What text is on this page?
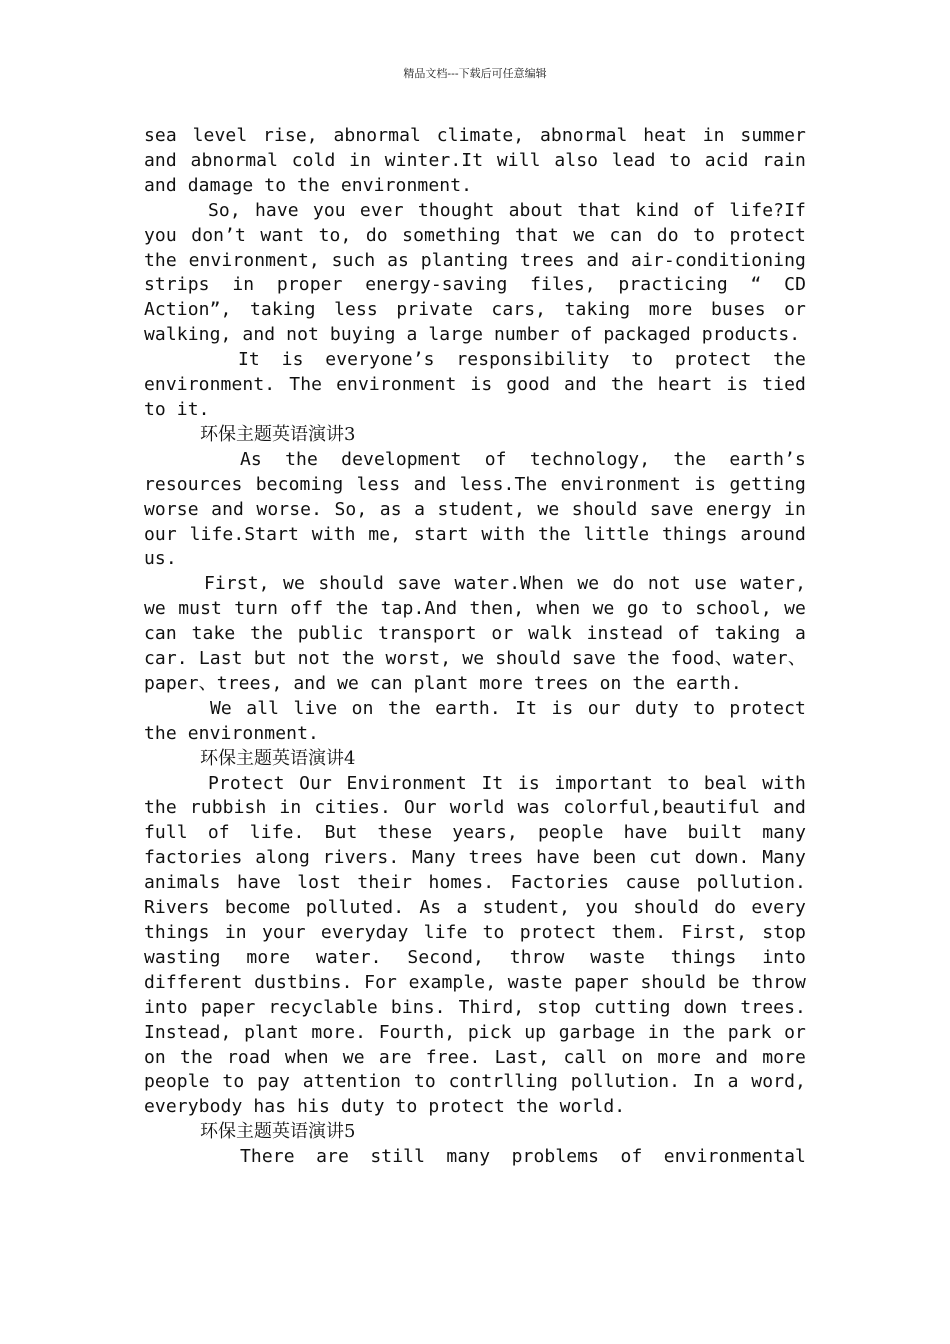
精品文档---下载后可任意编辑

sea level rise, abnormal climate, abnormal heat in summer and abnormal cold in winter.It will also lead to acid rain and damage to the environment.

So, have you ever thought about that kind of life?If you don’t want to, do something that we can do to protect the environment, such as planting trees and air-conditioning strips in proper energy-saving files, practicing “ CD Action”, taking less private cars, taking more buses or walking, and not buying a large number of packaged products.

It is everyone’s responsibility to protect the environment. The environment is good and the heart is tied to it.

环保主题英语演讲3

As the development of technology, the earth’s resources becoming less and less.The environment is getting worse and worse. So, as a student, we should save energy in our life.Start with me, start with the little things around us.

First, we should save water.When we do not use water, we must turn off the tap.And then, when we go to school, we can take the public transport or walk instead of taking a car. Last but not the worst, we should save the food、water、paper、trees, and we can plant more trees on the earth.

We all live on the earth. It is our duty to protect the environment.

环保主题英语演讲4

Protect Our Environment It is important to beal with the rubbish in cities. Our world was colorful,beautiful and full of life. But these years, people have built many factories along rivers. Many trees have been cut down. Many animals have lost their homes. Factories cause pollution. Rivers become polluted. As a student, you should do every things in your everyday life to protect them. First, stop wasting more water. Second, throw waste things into different dustbins. For example, waste paper should be throw into paper recyclable bins. Third, stop cutting down trees. Instead, plant more. Fourth, pick up garbage in the park or on the road when we are free. Last, call on more and more people to pay attention to contrlling pollution. In a word, everybody has his duty to protect the world.

环保主题英语演讲5

There are still many problems of environmental
